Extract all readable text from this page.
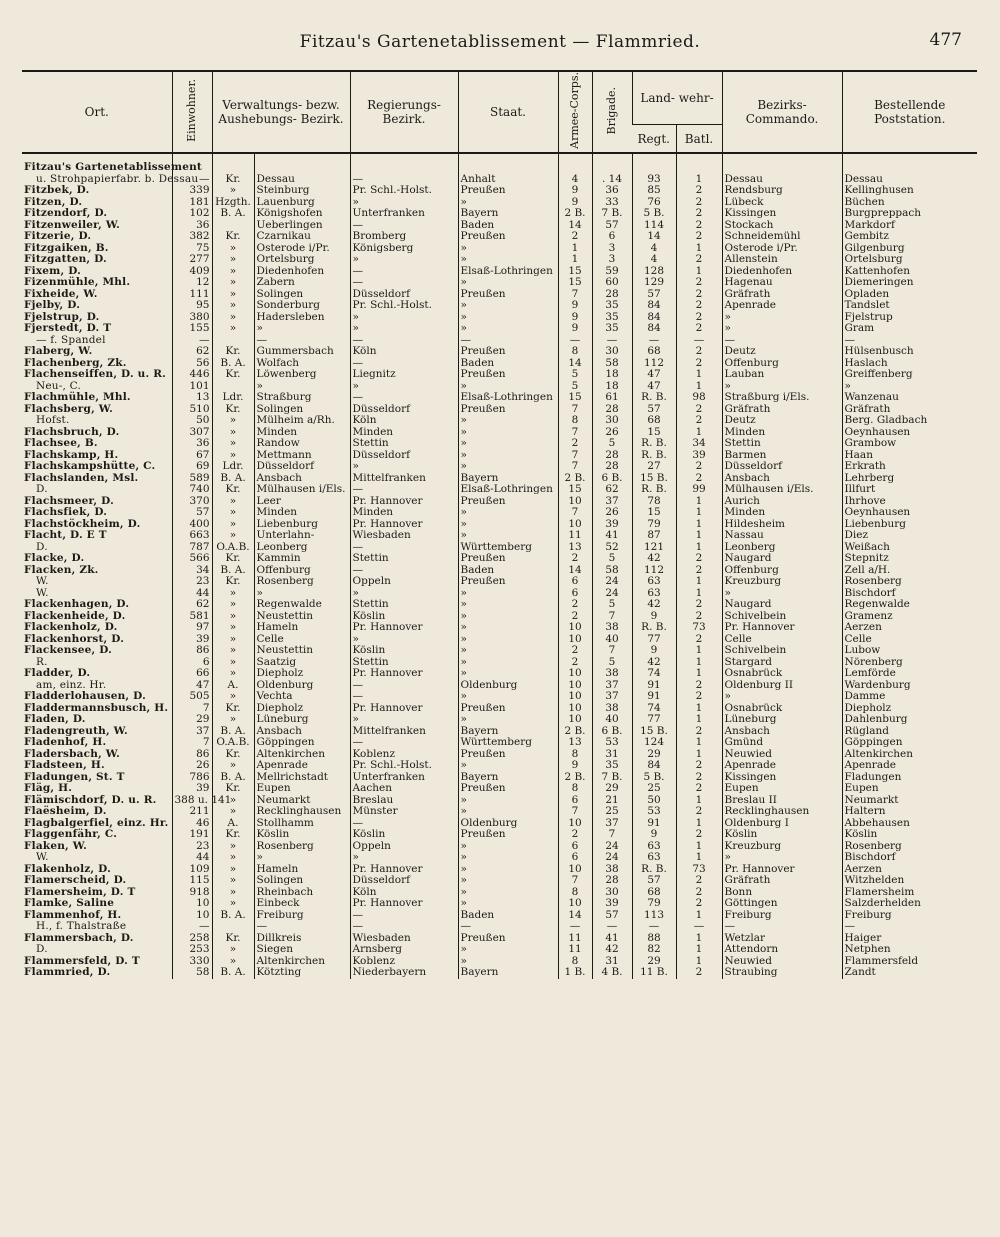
Fitzau's Gartenetablissement — Flammried.	477
Ort.	Einwohner.	Verwaltungs- bezw. Aushebungs- Bezirk.		Regierungs- Bezirk.	Staat.	Armee-Corps.	Brigade.	Land- wehr-		Bezirks- Commando.	Bestellende Poststation.
								Regt.	Batl.		
Fitzau's Gartenetablissement											
u. Strohpapierfabr. b. Dessau	—	Kr.	Dessau	—	Anhalt	4	. 14	93	1	Dessau	Dessau
Fitzbek, D.	339	»	Steinburg	Pr. Schl.-Holst.	Preußen	9	36	85	2	Rendsburg	Kellinghusen
Fitzen, D.	181	Hzgth.	Lauenburg	»	»	9	33	76	2	Lübeck	Büchen
Fitzendorf, D.	102	B. A.	Königshofen	Unterfranken	Bayern	2 B.	7 B.	5 B.	2	Kissingen	Burgpreppach
Fitzenweiler, W.	36		Ueberlingen	—	Baden	14	57	114	2	Stockach	Markdorf
Fitzerie, D.	382	Kr.	Czarnikau	Bromberg	Preußen	2	6	14	2	Schneidemühl	Gembitz
Fitzgaiken, B.	75	»	Osterode i/Pr.	Königsberg	»	1	3	4	1	Osterode i/Pr.	Gilgenburg
Fitzgatten, D.	277	»	Ortelsburg	»	»	1	3	4	2	Allenstein	Ortelsburg
Fixem, D.	409	»	Diedenhofen	—	Elsaß-Lothringen	15	59	128	1	Diedenhofen	Kattenhofen
Fizenmühle, Mhl.	12	»	Zabern	—	»	15	60	129	2	Hagenau	Diemeringen
Fixheide, W.	111	»	Solingen	Düsseldorf	Preußen	7	28	57	2	Gräfrath	Opladen
Fjelby, D.	95	»	Sonderburg	Pr. Schl.-Holst.	»	9	35	84	2	Apenrade	Tandslet
Fjelstrup, D.	380	»	Hadersleben	»	»	9	35	84	2	»	Fjelstrup
Fjerstedt, D. T	155	»	»	»	»	9	35	84	2	»	Gram
— f. Spandel	—		—	—	—	—	—	—	—	—	—
Flaberg, W.	62	Kr.	Gummersbach	Köln	Preußen	8	30	68	2	Deutz	Hülsenbusch
Flachenberg, Zk.	56	B. A.	Wolfach	—	Baden	14	58	112	2	Offenburg	Haslach
Flachenseiffen, D. u. R.	446	Kr.	Löwenberg	Liegnitz	Preußen	5	18	47	1	Lauban	Greiffenberg
Neu-, C.	101		»	»	»	5	18	47	1	»	»
Flachmühle, Mhl.	13	Ldr.	Straßburg	—	Elsaß-Lothringen	15	61	R. B.	98	Straßburg i/Els.	Wanzenau
Flachsberg, W.	510	Kr.	Solingen	Düsseldorf	Preußen	7	28	57	2	Gräfrath	Gräfrath
Hofst.	50	»	Mülheim a/Rh.	Köln	»	8	30	68	2	Deutz	Berg. Gladbach
Flachsbruch, D.	307	»	Minden	Minden	»	7	26	15	1	Minden	Oeynhausen
Flachsee, B.	36	»	Randow	Stettin	»	2	5	R. B.	34	Stettin	Grambow
Flachskamp, H.	67	»	Mettmann	Düsseldorf	»	7	28	R. B.	39	Barmen	Haan
Flachskampshütte, C.	69	Ldr.	Düsseldorf	»	»	7	28	27	2	Düsseldorf	Erkrath
Flachslanden, Msl.	589	B. A.	Ansbach	Mittelfranken	Bayern	2 B.	6 B.	15 B.	2	Ansbach	Lehrberg
D.	740	Kr.	Mülhausen i/Els.	—	Elsaß-Lothringen	15	62	R. B.	99	Mülhausen i/Els.	Illfurt
Flachsmeer, D.	370	»	Leer	Pr. Hannover	Preußen	10	37	78	1	Aurich	Ihrhove
Flachsfiek, D.	57	»	Minden	Minden	»	7	26	15	1	Minden	Oeynhausen
Flachstöckheim, D.	400	»	Liebenburg	Pr. Hannover	»	10	39	79	1	Hildesheim	Liebenburg
Flacht, D. E T	663	»	Unterlahn-	Wiesbaden	»	11	41	87	1	Nassau	Diez
D.	787	O.A.B.	Leonberg	—	Württemberg	13	52	121	1	Leonberg	Weißach
Flacke, D.	566	Kr.	Kammin	Stettin	Preußen	2	5	42	2	Naugard	Stepnitz
Flacken, Zk.	34	B. A.	Offenburg	—	Baden	14	58	112	2	Offenburg	Zell a/H.
W.	23	Kr.	Rosenberg	Oppeln	Preußen	6	24	63	1	Kreuzburg	Rosenberg
W.	44	»	»	»	»	6	24	63	1	»	Bischdorf
Flackenhagen, D.	62	»	Regenwalde	Stettin	»	2	5	42	2	Naugard	Regenwalde
Flackenheide, D.	581	»	Neustettin	Köslin	»	2	7	9	2	Schivelbein	Gramenz
Flackenholz, D.	97	»	Hameln	Pr. Hannover	»	10	38	R. B.	73	Pr. Hannover	Aerzen
Flackenhorst, D.	39	»	Celle	»	»	10	40	77	2	Celle	Celle
Flackensee, D.	86	»	Neustettin	Köslin	»	2	7	9	1	Schivelbein	Lubow
R.	6	»	Saatzig	Stettin	»	2	5	42	1	Stargard	Nörenberg
Fladder, D.	66	»	Diepholz	Pr. Hannover	»	10	38	74	1	Osnabrück	Lemförde
am, einz. Hr.	47	A.	Oldenburg	—	Oldenburg	10	37	91	2	Oldenburg II	Wardenburg
Fladderlohausen, D.	505	»	Vechta	—	»	10	37	91	2	»	Damme
Fladdermannsbusch, H.	7	Kr.	Diepholz	Pr. Hannover	Preußen	10	38	74	1	Osnabrück	Diepholz
Fladen, D.	29	»	Lüneburg	»	»	10	40	77	1	Lüneburg	Dahlenburg
Fladengreuth, W.	37	B. A.	Ansbach	Mittelfranken	Bayern	2 B.	6 B.	15 B.	2	Ansbach	Rügland
Fladenhof, H.	7	O.A.B.	Göppingen	—	Württemberg	13	53	124	1	Gmünd	Göppingen
Fladersbach, W.	86	Kr.	Altenkirchen	Koblenz	Preußen	8	31	29	1	Neuwied	Altenkirchen
Fladsteen, H.	26	»	Apenrade	Pr. Schl.-Holst.	»	9	35	84	2	Apenrade	Apenrade
Fladungen, St. T	786	B. A.	Mellrichstadt	Unterfranken	Bayern	2 B.	7 B.	5 B.	2	Kissingen	Fladungen
Fläg, H.	39	Kr.	Eupen	Aachen	Preußen	8	29	25	2	Eupen	Eupen
Flämischdorf, D. u. R.	388 u. 141	»	Neumarkt	Breslau	»	6	21	50	1	Breslau II	Neumarkt
Flaësheim, D.	211	»	Recklinghausen	Münster	»	7	25	53	2	Recklinghausen	Haltern
Flagbalgerfiel, einz. Hr.	46	A.	Stollhamm	—	Oldenburg	10	37	91	1	Oldenburg I	Abbehausen
Flaggenfähr, C.	191	Kr.	Köslin	Köslin	Preußen	2	7	9	2	Köslin	Köslin
Flaken, W.	23	»	Rosenberg	Oppeln	»	6	24	63	1	Kreuzburg	Rosenberg
W.	44	»	»	»	»	6	24	63	1	»	Bischdorf
Flakenholz, D.	109	»	Hameln	Pr. Hannover	»	10	38	R. B.	73	Pr. Hannover	Aerzen
Flamerscheid, D.	115	»	Solingen	Düsseldorf	»	7	28	57	2	Gräfrath	Witzhelden
Flamersheim, D. T	918	»	Rheinbach	Köln	»	8	30	68	2	Bonn	Flamersheim
Flamke, Saline	10	»	Einbeck	Pr. Hannover	»	10	39	79	2	Göttingen	Salzderhelden
Flammenhof, H.	10	B. A.	Freiburg	—	Baden	14	57	113	1	Freiburg	Freiburg
H., f. Thalstraße	—		—	—	—	—	—	—	—	—	—
Flammersbach, D.	258	Kr.	Dillkreis	Wiesbaden	Preußen	11	41	88	1	Wetzlar	Haiger
D.	253	»	Siegen	Arnsberg	»	11	42	82	1	Attendorn	Netphen
Flammersfeld, D. T	330	»	Altenkirchen	Koblenz	»	8	31	29	1	Neuwied	Flammersfeld
Flammried, D.	58	B. A.	Kötzting	Niederbayern	Bayern	1 B.	4 B.	11 B.	2	Straubing	Zandt
